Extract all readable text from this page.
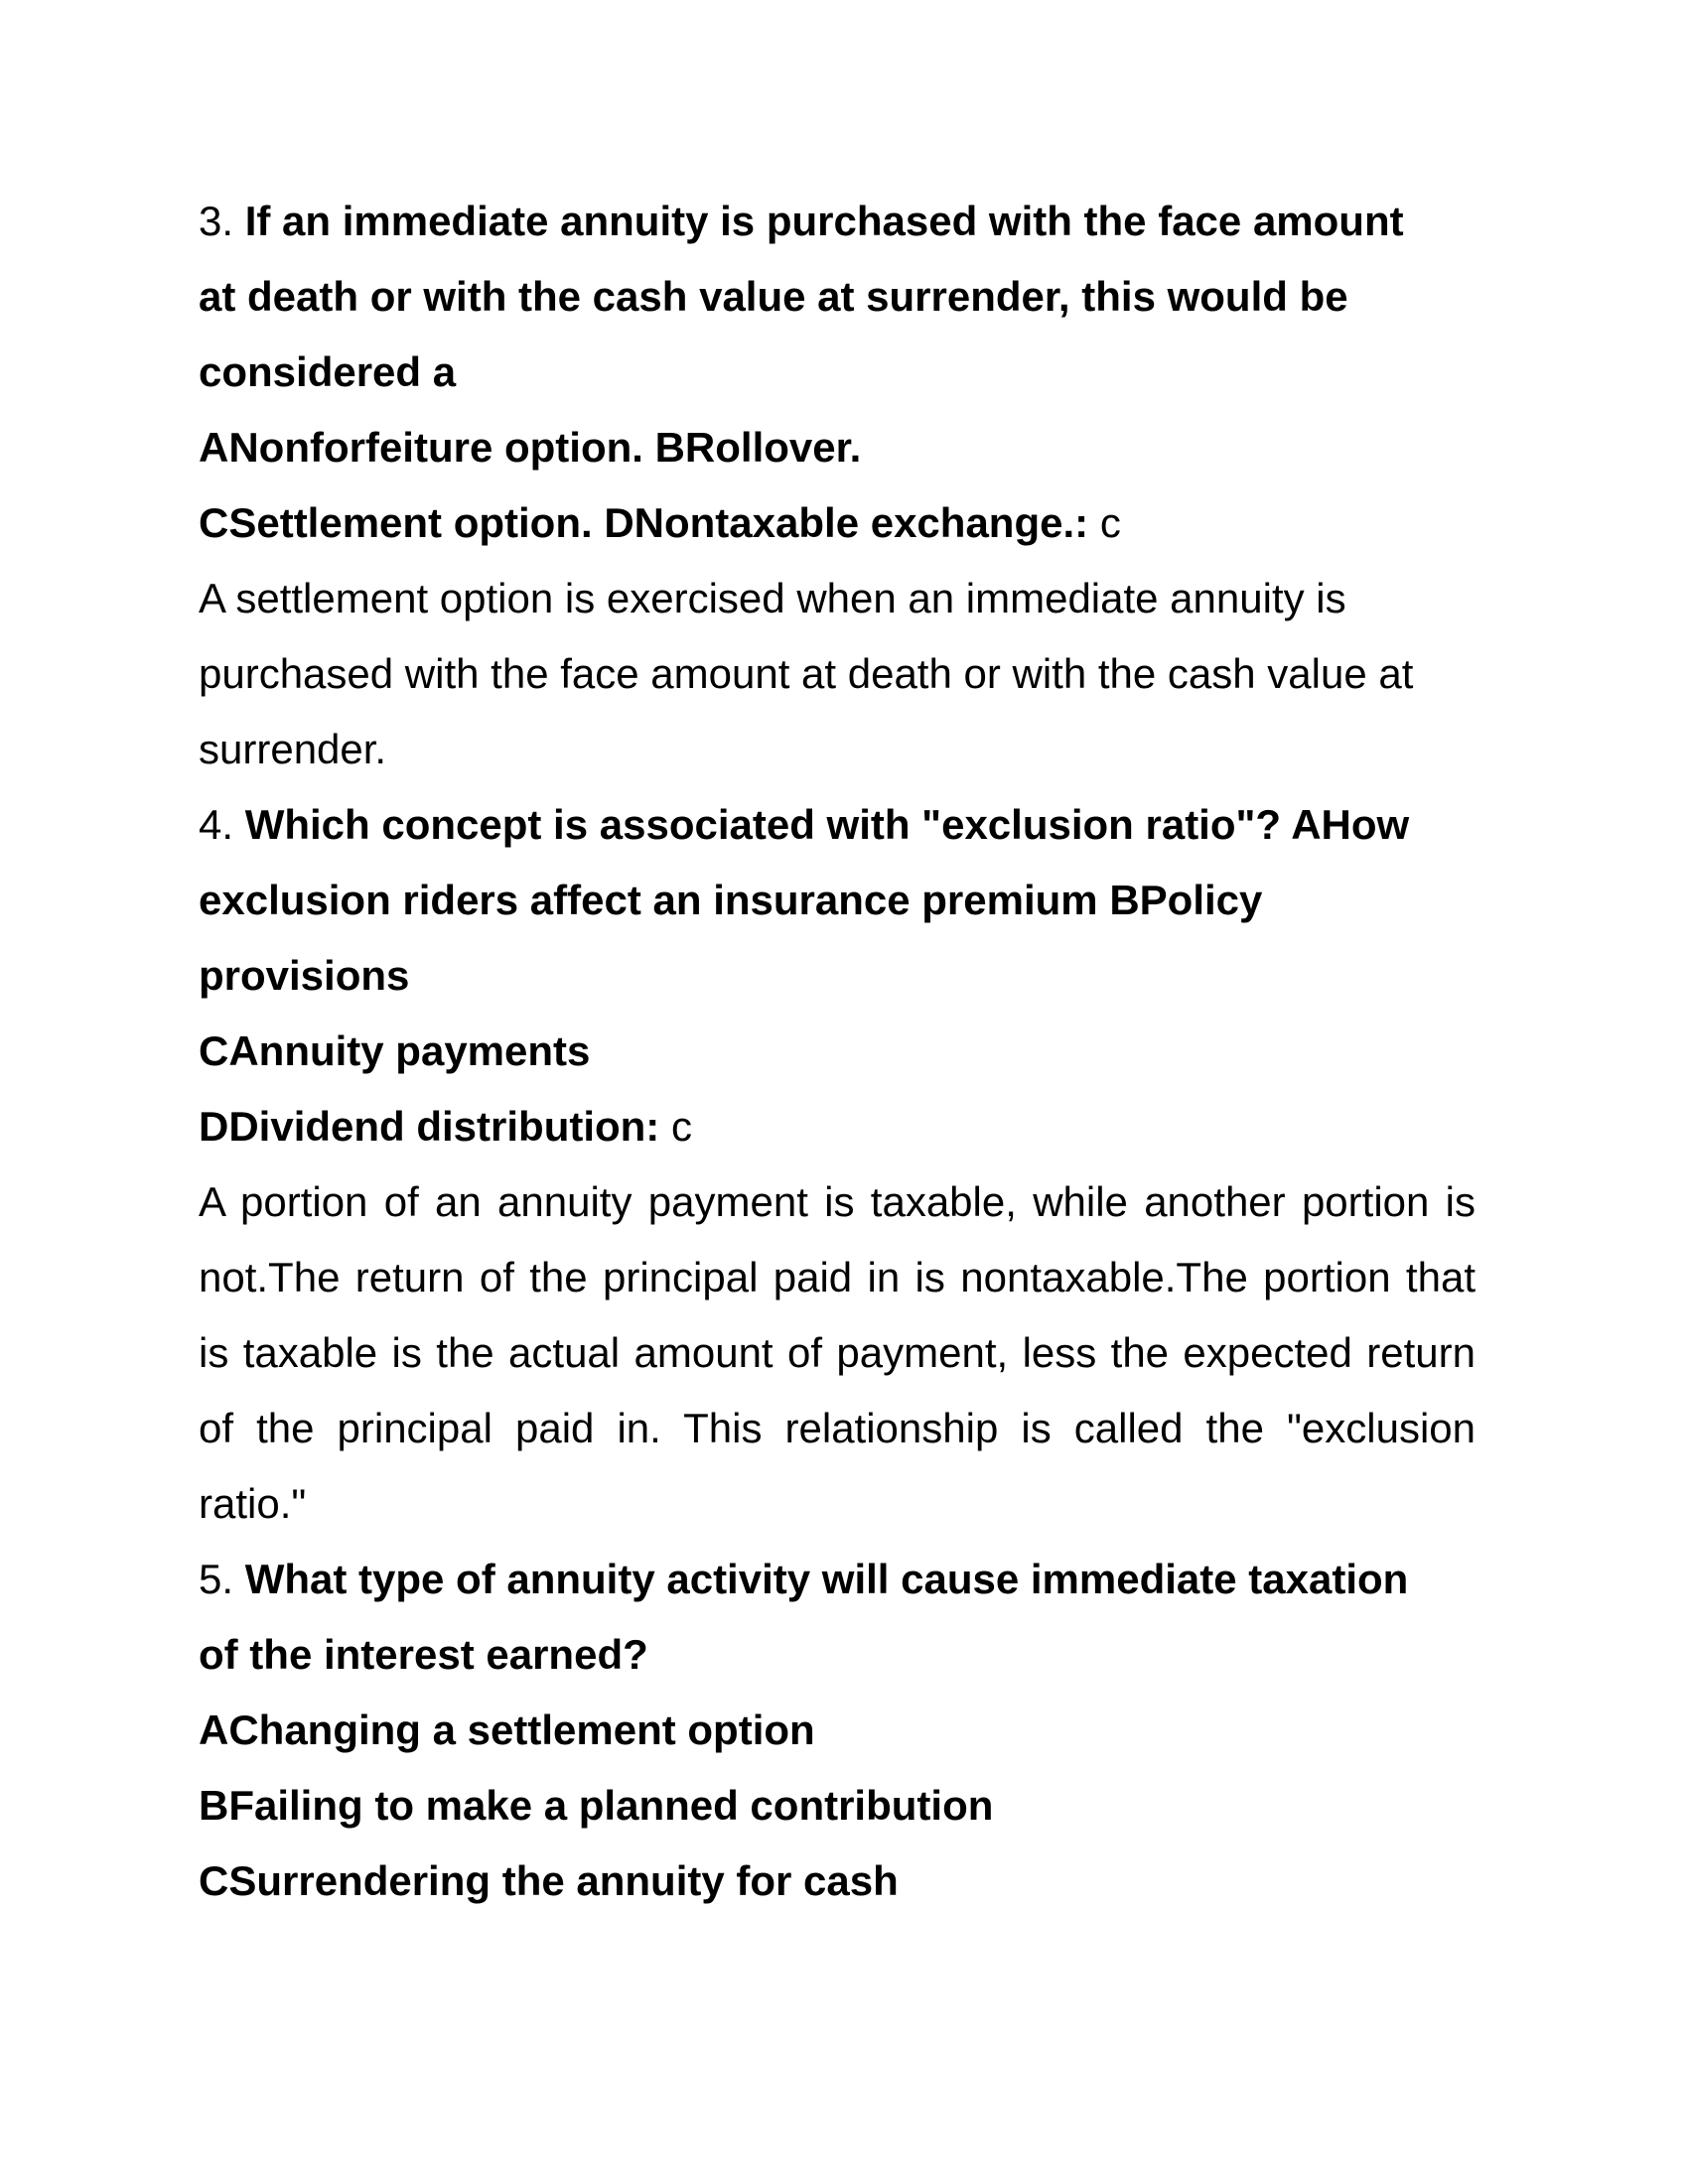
3. If an immediate annuity is purchased with the face amount
at death or with the cash value at surrender, this would be
considered a
ANonforfeiture option. BRollover.
CSettlement option. DNontaxable exchange.: c
A settlement option is exercised when an immediate annuity is
purchased with the face amount at death or with the cash value at
surrender.
4. Which concept is associated with "exclusion ratio"? AHow
exclusion riders affect an insurance premium BPolicy
provisions
CAnnuity payments
DDividend distribution: c
A portion of an annuity payment is taxable, while another portion is
not.The return of the principal paid in is nontaxable.The portion that
is taxable is the actual amount of payment, less the expected return
of the principal paid in. This relationship is called the "exclusion
ratio."
5. What type of annuity activity will cause immediate taxation
of the interest earned?
AChanging a settlement option
BFailing to make a planned contribution
CSurrendering the annuity for cash
